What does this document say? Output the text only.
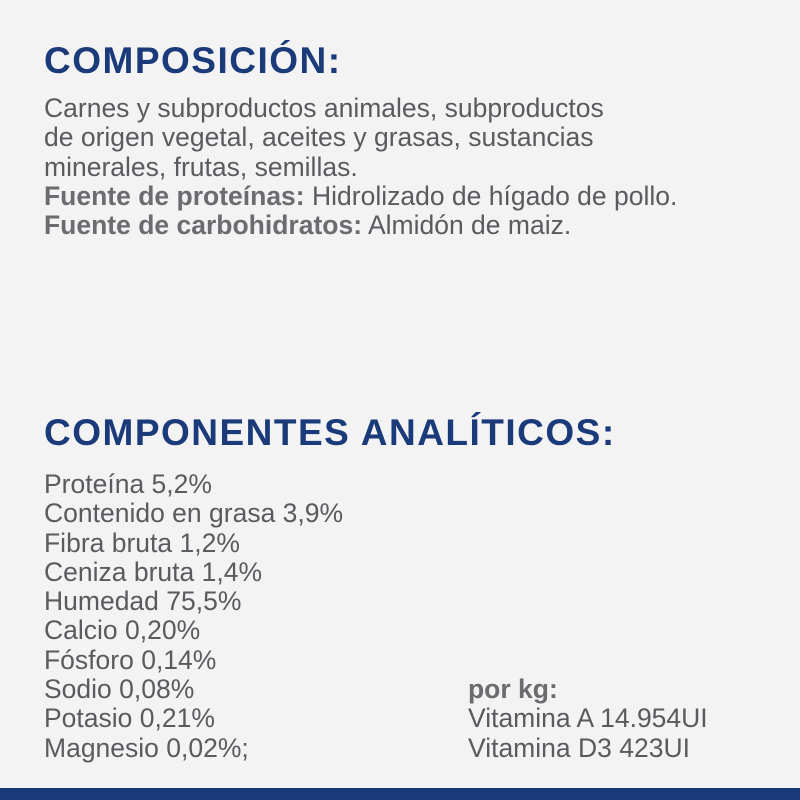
COMPOSICIÓN:

Carnes y subproductos animales, subproductos
de origen vegetal, aceites y grasas, sustancias
minerales, frutas, semillas.
Fuente de proteínas: Hidrolizado de hígado de pollo.
Fuente de carbohidratos: Almidón de maiz.

COMPONENTES ANALÍTICOS:
Proteína 5,2%
Contenido en grasa 3,9%
Fibra bruta 1,2%
Ceniza bruta 1,4%
Humedad 75,5%
Calcio 0,20%
Fósforo 0,14%
Sodio 0,08%
Potasio 0,21%
Magnesio 0,02%;
por kg:
Vitamina A 14.954UI
Vitamina D3 423UI
